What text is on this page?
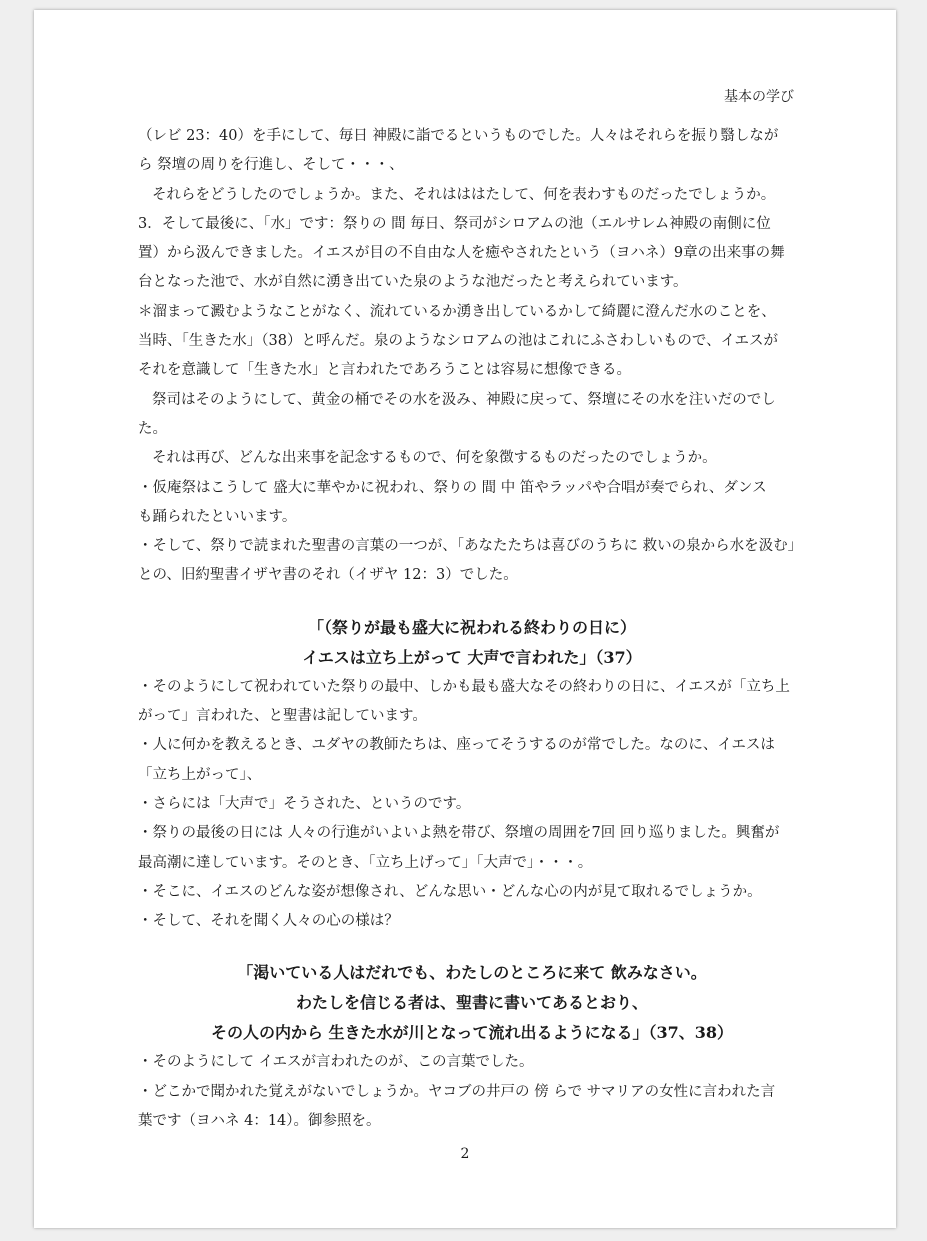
基本の学び
（レビ 23：40）を手にして、毎日 神殿に詣でるというものでした。人々はそれらを振り翳しなが
ら 祭壇の周りを行進し、そして・・・、
それらをどうしたのでしょうか。また、それはははたして、何を表わすものだったでしょうか。
3．そして最後に、「水」です：祭りの 間 毎日、祭司がシロアムの池（エルサレム神殿の南側に位
置）から汲んできました。イエスが目の不自由な人を癒やされたという（ヨハネ）9章の出来事の舞
台となった池で、水が自然に湧き出ていた泉のような池だったと考えられています。
＊溜まって澱むようなことがなく、流れているか湧き出しているかして綺麗に澄んだ水のことを、
当時、「生きた水」（38）と呼んだ。泉のようなシロアムの池はこれにふさわしいもので、イエスが
それを意識して「生きた水」と言われたであろうことは容易に想像できる。
祭司はそのようにして、黄金の桶でその水を汲み、神殿に戻って、祭壇にその水を注いだのでし
た。
それは再び、どんな出来事を記念するもので、何を象徴するものだったのでしょうか。
・仮庵祭はこうして 盛大に華やかに祝われ、祭りの 間 中 笛やラッパや合唱が奏でられ、ダンス
も踊られたといいます。
・そして、祭りで読まれた聖書の言葉の一つが、「あなたたちは喜びのうちに 救いの泉から水を汲む」
との、旧約聖書イザヤ書のそれ（イザヤ 12：3）でした。
「（祭りが最も盛大に祝われる終わりの日に）
イエスは立ち上がって 大声で言われた」（37）
・そのようにして祝われていた祭りの最中、しかも最も盛大なその終わりの日に、イエスが「立ち上
がって」言われた、と聖書は記しています。
・人に何かを教えるとき、ユダヤの教師たちは、座ってそうするのが常でした。なのに、イエスは
「立ち上がって」、
・さらには「大声で」そうされた、というのです。
・祭りの最後の日には 人々の行進がいよいよ熱を帯び、祭壇の周囲を7回 回り巡りました。興奮が
最高潮に達しています。そのとき、「立ち上げって」「大声で」・・・。
・そこに、イエスのどんな姿が想像され、どんな思い・どんな心の内が見て取れるでしょうか。
・そして、それを聞く人々の心の様は？
「渇いている人はだれでも、わたしのところに来て 飲みなさい。
わたしを信じる者は、聖書に書いてあるとおり、
その人の内から 生きた水が川となって流れ出るようになる」（37、38）
・そのようにして イエスが言われたのが、この言葉でした。
・どこかで聞かれた覚えがないでしょうか。ヤコブの井戸の 傍 らで サマリアの女性に言われた言
葉です（ヨハネ 4：14）。御参照を。
2
